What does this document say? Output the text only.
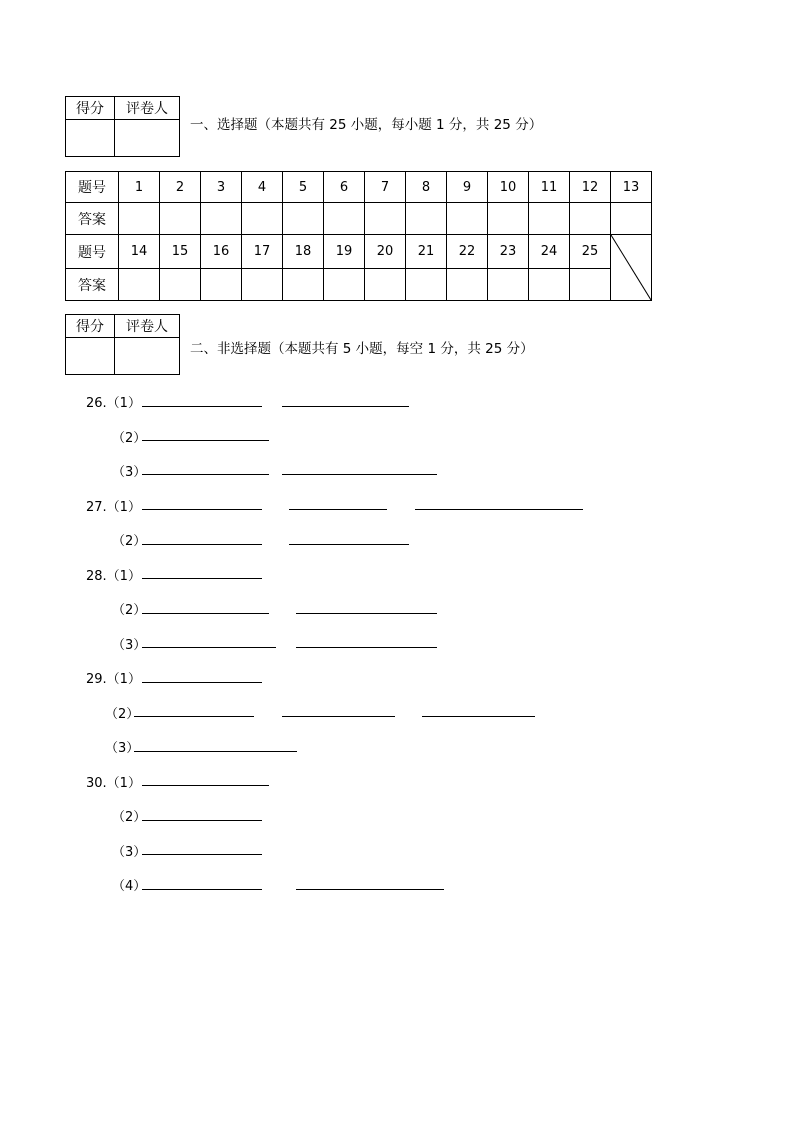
得分	评卷人

一、选择题（本题共有 25 小题，每小题 1 分，共 25 分）
题号	1	2	3	4	5	6	7	8	9	10	11	12	13
答案													
题号	14	15	16	17	18	19	20	21	22	23	24	25	

答案													
得分	评卷人

二、非选择题（本题共有 5 小题，每空 1 分，共 25 分）
26.（1）
（2）
（3）
27.（1）
（2）
28.（1）
（2）
（3）
29.（1）
（2）
（3）
30.（1）
（2）
（3）
（4）
